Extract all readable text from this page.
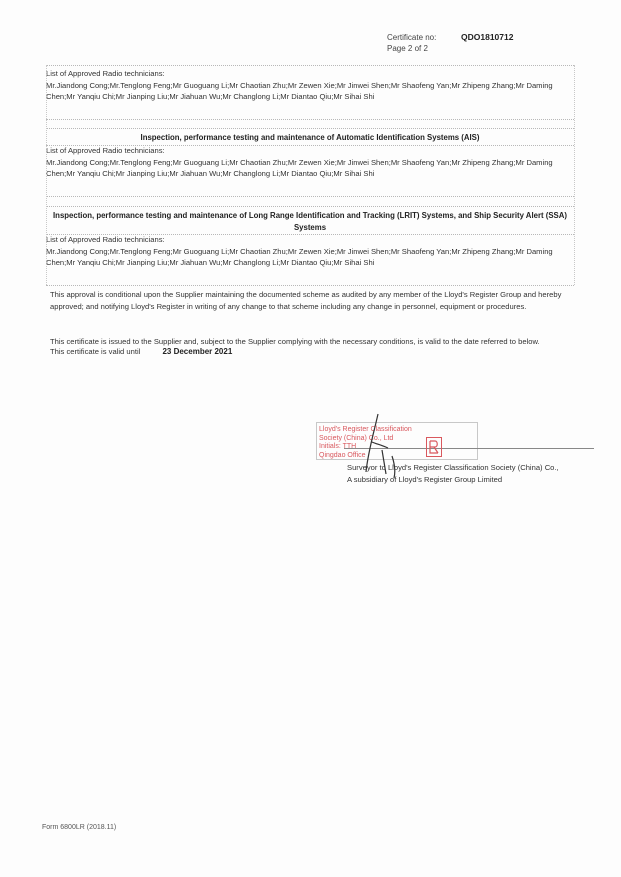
Certificate no:	QDO1810712
Page 2 of 2
List of Approved Radio technicians:
Mr.Jiandong Cong;Mr.Tenglong Feng;Mr Guoguang Li;Mr Chaotian Zhu;Mr Zewen Xie;Mr Jinwei Shen;Mr Shaofeng Yan;Mr Zhipeng Zhang;Mr Daming Chen;Mr Yanqiu Chi;Mr Jianping Liu;Mr Jiahuan Wu;Mr Changlong Li;Mr Diantao Qiu;Mr Sihai Shi
Inspection, performance testing and maintenance of Automatic Identification Systems (AIS)
List of Approved Radio technicians:
Mr.Jiandong Cong;Mr.Tenglong Feng;Mr Guoguang Li;Mr Chaotian Zhu;Mr Zewen Xie;Mr Jinwei Shen;Mr Shaofeng Yan;Mr Zhipeng Zhang;Mr Daming Chen;Mr Yanqiu Chi;Mr Jianping Liu;Mr Jiahuan Wu;Mr Changlong Li;Mr Diantao Qiu;Mr Sihai Shi
Inspection, performance testing and maintenance of Long Range Identification and Tracking (LRIT) Systems, and Ship Security Alert (SSA) Systems
List of Approved Radio technicians:
Mr.Jiandong Cong;Mr.Tenglong Feng;Mr Guoguang Li;Mr Chaotian Zhu;Mr Zewen Xie;Mr Jinwei Shen;Mr Shaofeng Yan;Mr Zhipeng Zhang;Mr Daming Chen;Mr Yanqiu Chi;Mr Jianping Liu;Mr Jiahuan Wu;Mr Changlong Li;Mr Diantao Qiu;Mr Sihai Shi
This approval is conditional upon the Supplier maintaining the documented scheme as audited by any member of the Lloyd's Register Group and hereby approved; and notifying Lloyd's Register in writing of any change to that scheme including any change in personnel, equipment or procedures.
This certificate is issued to the Supplier and, subject to the Supplier complying with the necessary conditions, is valid to the date referred to below.
This certificate is valid until	23 December 2021
Lloyd's Register Classification
Society (China) Co., Ltd
Initials: TTH
Qingdao Office
Surveyor to Lloyd's Register Classification Society (China) Co.,
A subsidiary of Lloyd's Register Group Limited
Form 6800LR (2018.11)
